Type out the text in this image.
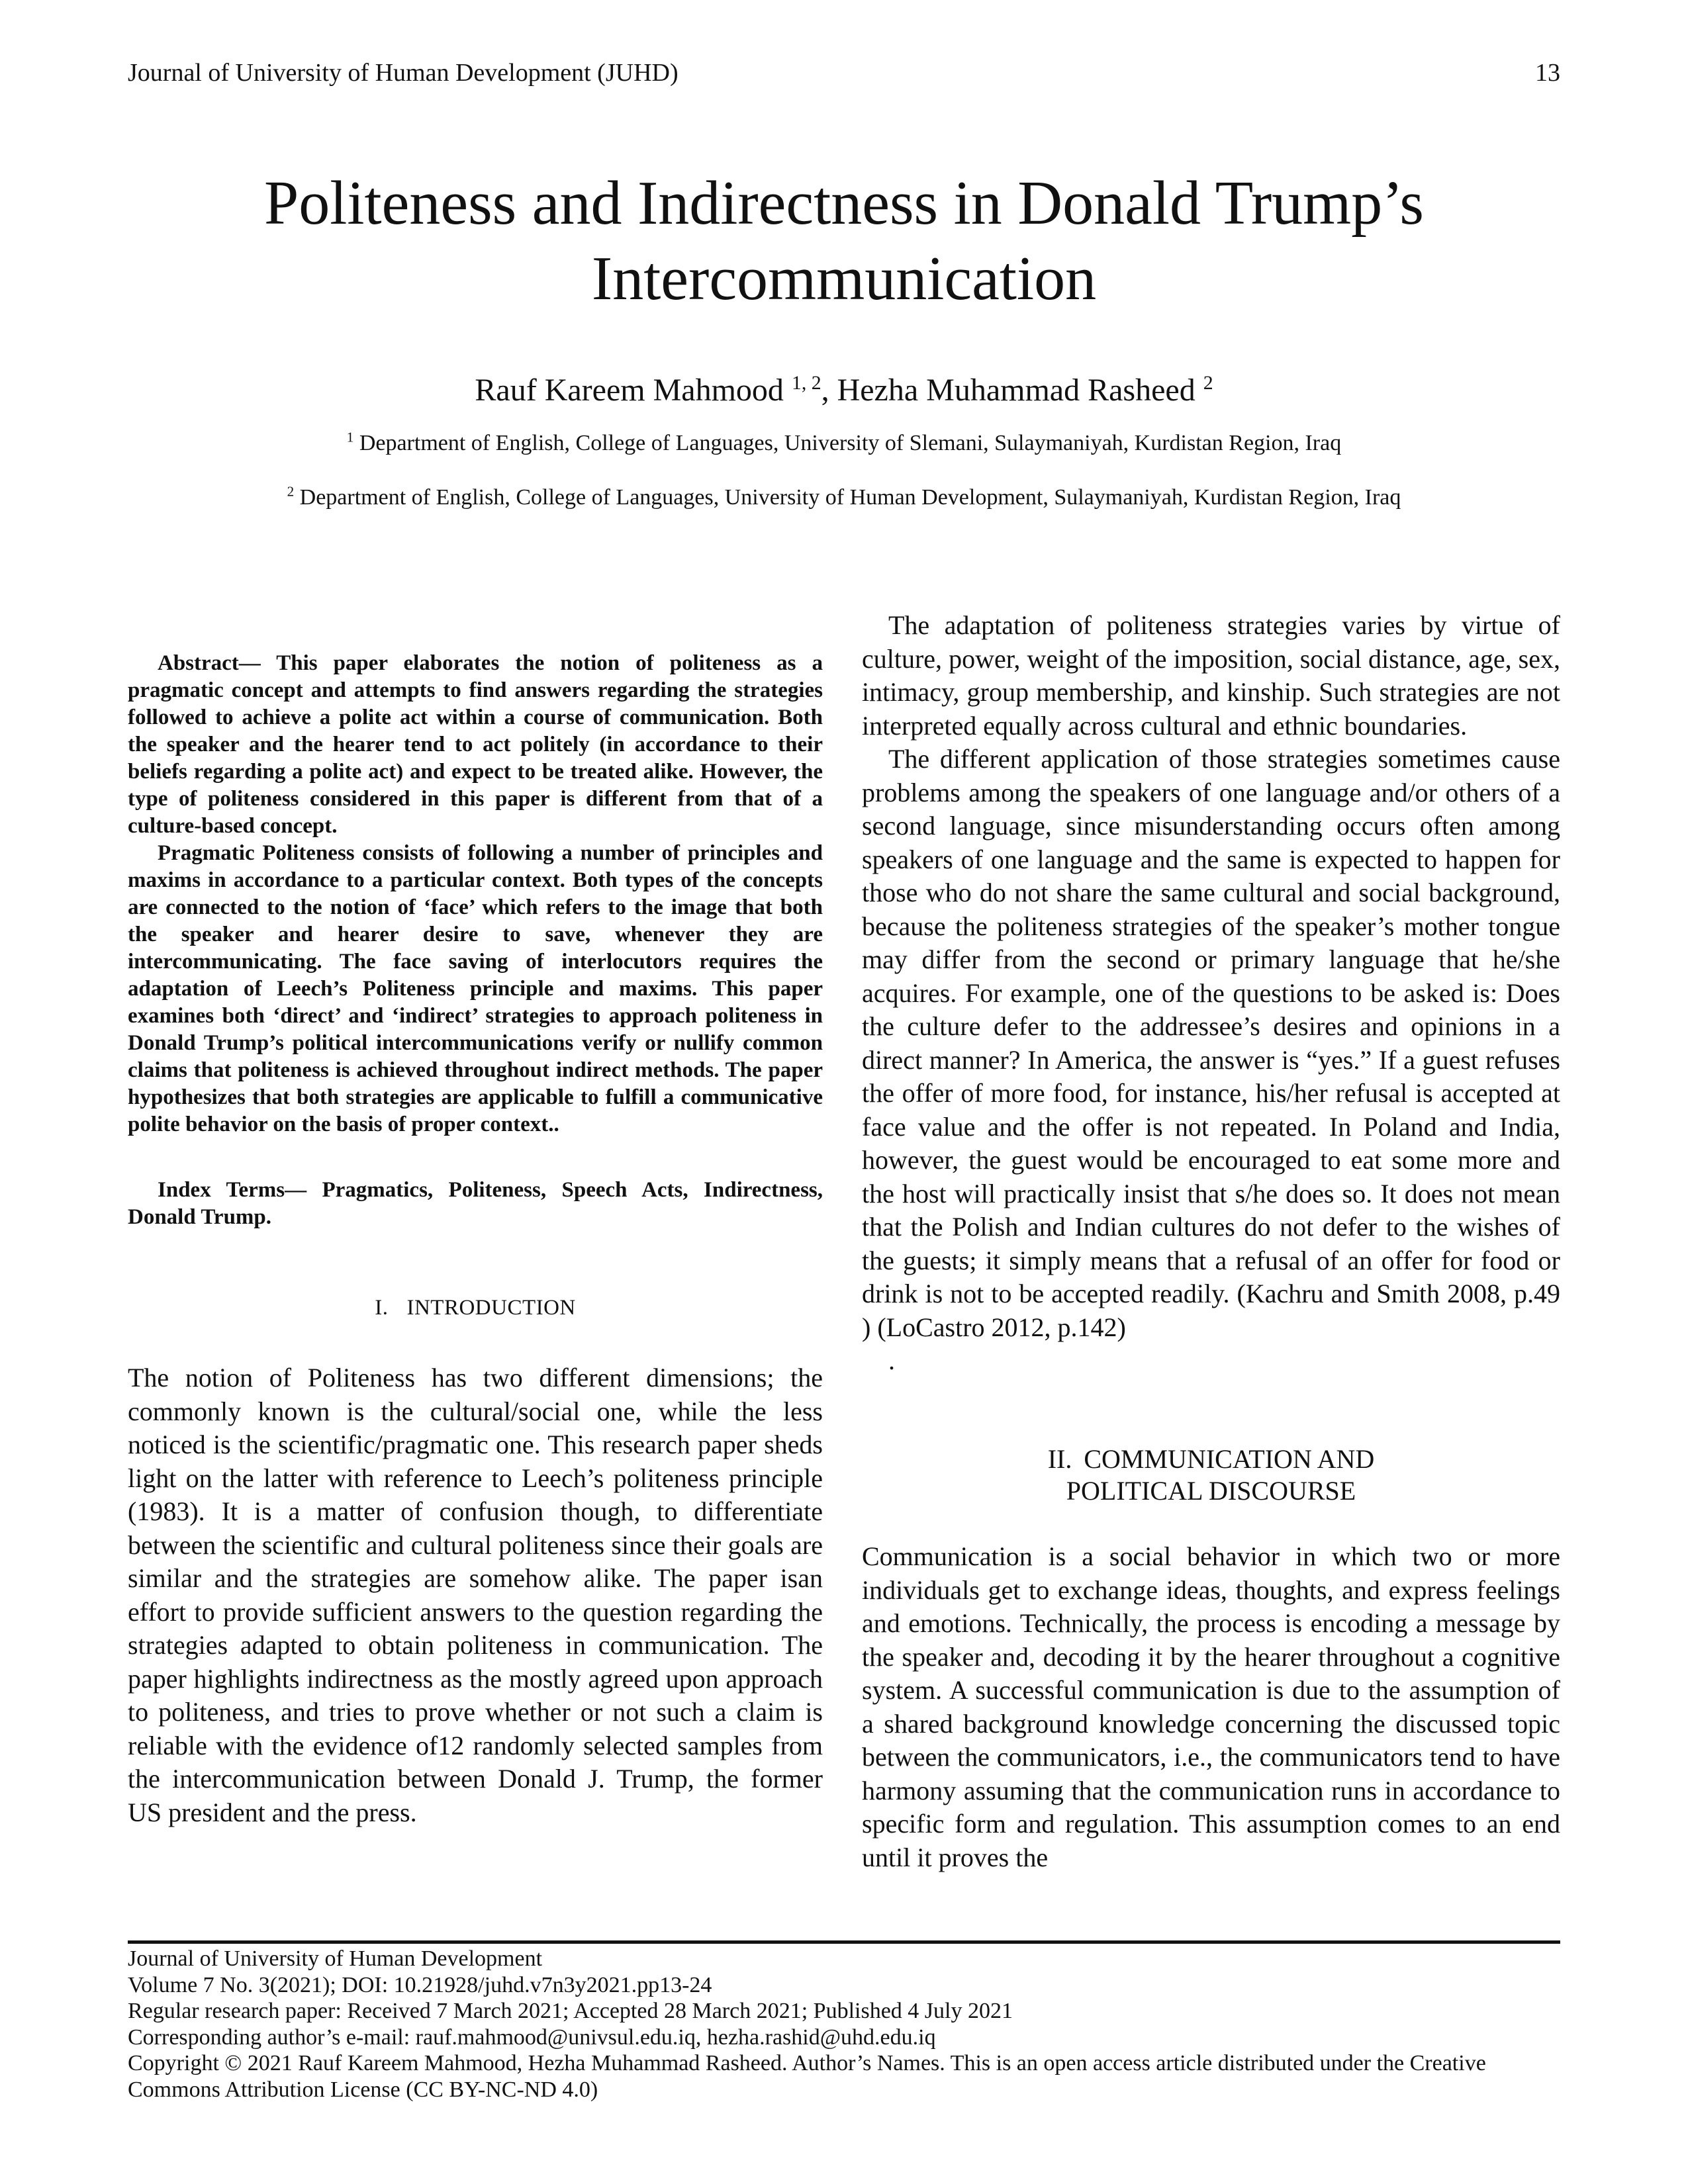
Journal of University of Human Development (JUHD)	13
Politeness and Indirectness in Donald Trump’s Intercommunication
Rauf Kareem Mahmood $^{1, 2}$, Hezha Muhammad Rasheed $^2$
$^1$ Department of English, College of Languages, University of Slemani, Sulaymaniyah, Kurdistan Region, Iraq
$^2$ Department of English, College of Languages, University of Human Development, Sulaymaniyah, Kurdistan Region, Iraq

Abstract— This paper elaborates the notion of politeness as a pragmatic concept and attempts to find answers regarding the strategies followed to achieve a polite act within a course of communication. Both the speaker and the hearer tend to act politely (in accordance to their beliefs regarding a polite act) and expect to be treated alike. However, the type of politeness considered in this paper is different from that of a culture-based concept.

Pragmatic Politeness consists of following a number of principles and maxims in accordance to a particular context. Both types of the concepts are connected to the notion of ‘face’ which refers to the image that both the speaker and hearer desire to save, whenever they are intercommunicating. The face saving of interlocutors requires the adaptation of Leech’s Politeness principle and maxims. This paper examines both ‘direct’ and ‘indirect’ strategies to approach politeness in Donald Trump’s political intercommunications verify or nullify common claims that politeness is achieved throughout indirect methods. The paper hypothesizes that both strategies are applicable to fulfill a communicative polite behavior on the basis of proper context..

Index Terms— Pragmatics, Politeness, Speech Acts, Indirectness, Donald Trump.

I. INTRODUCTION

The notion of Politeness has two different dimensions; the commonly known is the cultural/social one, while the less noticed is the scientific/pragmatic one. This research paper sheds light on the latter with reference to Leech’s politeness principle (1983). It is a matter of confusion though, to differentiate between the scientific and cultural politeness since their goals are similar and the strategies are somehow alike. The paper isan effort to provide sufficient answers to the question regarding the strategies adapted to obtain politeness in communication. The paper highlights indirectness as the mostly agreed upon approach to politeness, and tries to prove whether or not such a claim is reliable with the evidence of12 randomly selected samples from the intercommunication between Donald J. Trump, the former US president and the press.

The adaptation of politeness strategies varies by virtue of culture, power, weight of the imposition, social distance, age, sex, intimacy, group membership, and kinship. Such strategies are not interpreted equally across cultural and ethnic boundaries.

The different application of those strategies sometimes cause problems among the speakers of one language and/or others of a second language, since misunderstanding occurs often among speakers of one language and the same is expected to happen for those who do not share the same cultural and social background, because the politeness strategies of the speaker’s mother tongue may differ from the second or primary language that he/she acquires. For example, one of the questions to be asked is: Does the culture defer to the addressee’s desires and opinions in a direct manner? In America, the answer is “yes.” If a guest refuses the offer of more food, for instance, his/her refusal is accepted at face value and the offer is not repeated. In Poland and India, however, the guest would be encouraged to eat some more and the host will practically insist that s/he does so. It does not mean that the Polish and Indian cultures do not defer to the wishes of the guests; it simply means that a refusal of an offer for food or drink is not to be accepted readily. (Kachru and Smith 2008, p.49 ) (LoCastro 2012, p.142)

.
II. COMMUNICATION AND
POLITICAL DISCOURSE

Communication is a social behavior in which two or more individuals get to exchange ideas, thoughts, and express feelings and emotions. Technically, the process is encoding a message by the speaker and, decoding it by the hearer throughout a cognitive system. A successful communication is due to the assumption of a shared background knowledge concerning the discussed topic between the communicators, i.e., the communicators tend to have harmony assuming that the communication runs in accordance to specific form and regulation. This assumption comes to an end until it proves the

Journal of University of Human Development
Volume 7 No. 3(2021); DOI: 10.21928/juhd.v7n3y2021.pp13-24
Regular research paper: Received 7 March 2021; Accepted 28 March 2021; Published 4 July 2021
Corresponding author’s e-mail: rauf.mahmood@univsul.edu.iq, hezha.rashid@uhd.edu.iq
Copyright © 2021 Rauf Kareem Mahmood, Hezha Muhammad Rasheed. Author’s Names. This is an open access article distributed under the Creative Commons Attribution License (CC BY-NC-ND 4.0)
